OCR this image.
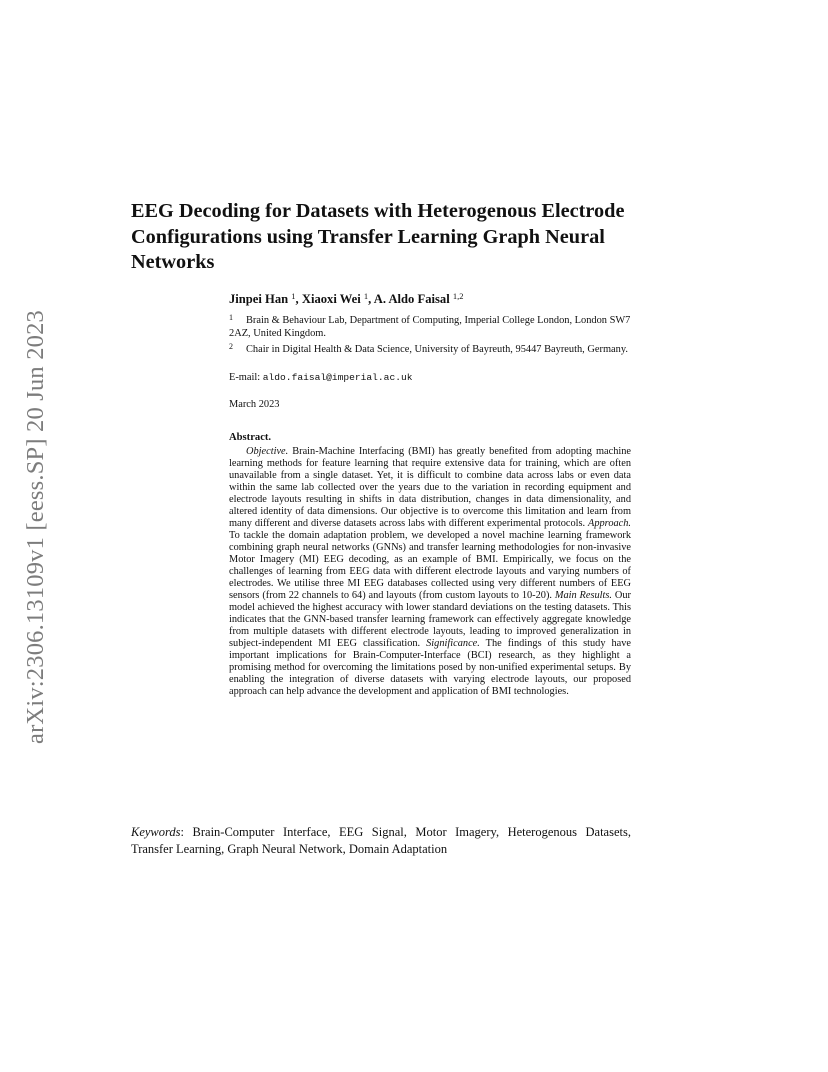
arXiv:2306.13109v1 [eess.SP] 20 Jun 2023
EEG Decoding for Datasets with Heterogenous Electrode Configurations using Transfer Learning Graph Neural Networks
Jinpei Han $^1$, Xiaoxi Wei $^1$, A. Aldo Faisal $^{1,2}$

1 Brain & Behaviour Lab, Department of Computing, Imperial College London, London SW7 2AZ, United Kingdom.

2 Chair in Digital Health & Data Science, University of Bayreuth, 95447 Bayreuth, Germany.

E-mail: aldo.faisal@imperial.ac.uk
March 2023
Abstract.

Objective. Brain-Machine Interfacing (BMI) has greatly benefited from adopting machine learning methods for feature learning that require extensive data for training, which are often unavailable from a single dataset. Yet, it is difficult to combine data across labs or even data within the same lab collected over the years due to the variation in recording equipment and electrode layouts resulting in shifts in data distribution, changes in data dimensionality, and altered identity of data dimensions. Our objective is to overcome this limitation and learn from many different and diverse datasets across labs with different experimental protocols. Approach. To tackle the domain adaptation problem, we developed a novel machine learning framework combining graph neural networks (GNNs) and transfer learning methodologies for non-invasive Motor Imagery (MI) EEG decoding, as an example of BMI. Empirically, we focus on the challenges of learning from EEG data with different electrode layouts and varying numbers of electrodes. We utilise three MI EEG databases collected using very different numbers of EEG sensors (from 22 channels to 64) and layouts (from custom layouts to 10-20). Main Results. Our model achieved the highest accuracy with lower standard deviations on the testing datasets. This indicates that the GNN-based transfer learning framework can effectively aggregate knowledge from multiple datasets with different electrode layouts, leading to improved generalization in subject-independent MI EEG classification. Significance. The findings of this study have important implications for Brain-Computer-Interface (BCI) research, as they highlight a promising method for overcoming the limitations posed by non-unified experimental setups. By enabling the integration of diverse datasets with varying electrode layouts, our proposed approach can help advance the development and application of BMI technologies.

Keywords: Brain-Computer Interface, EEG Signal, Motor Imagery, Heterogenous Datasets, Transfer Learning, Graph Neural Network, Domain Adaptation
